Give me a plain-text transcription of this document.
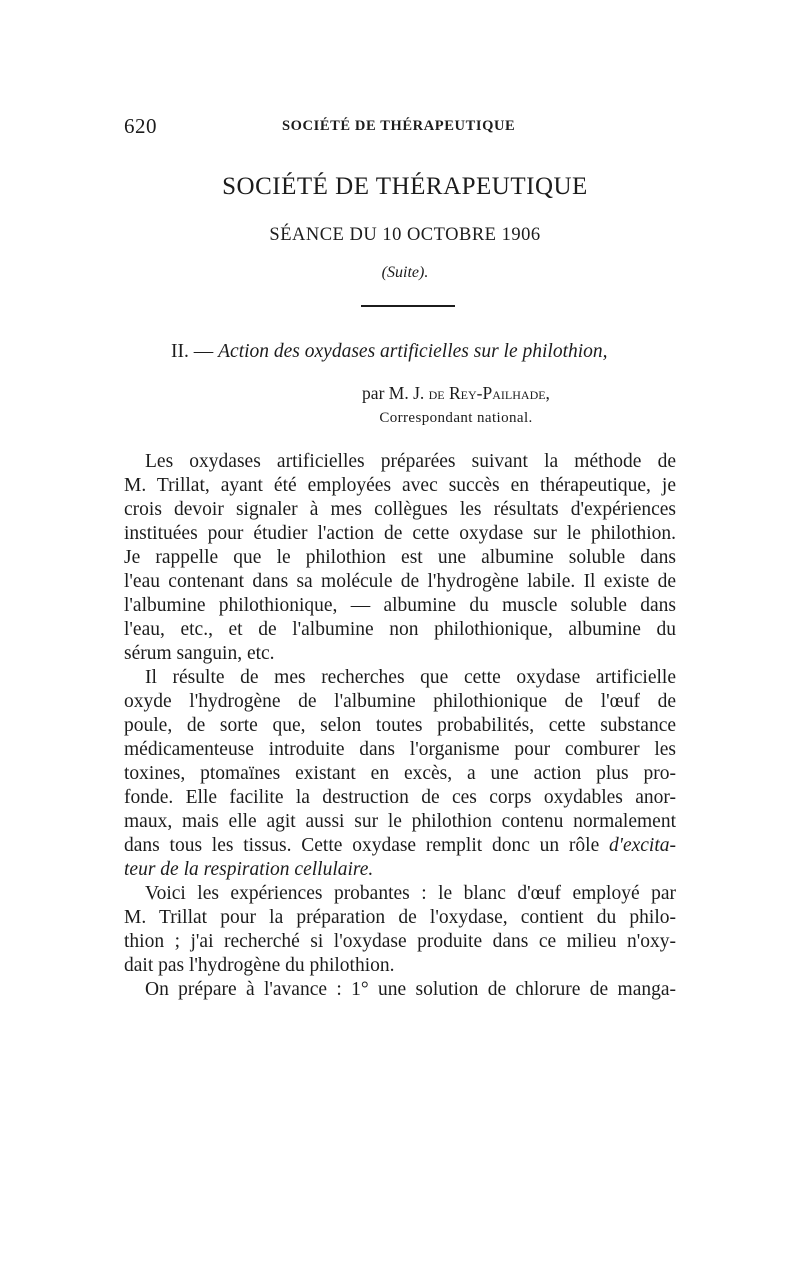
620	SOCIÉTÉ DE THÉRAPEUTIQUE
SOCIÉTÉ DE THÉRAPEUTIQUE
SÉANCE DU 10 OCTOBRE 1906
(Suite).
II. — Action des oxydases artificielles sur le philothion,
par M. J. de Rey-Pailhade,
Correspondant national.
Les oxydases artificielles préparées suivant la méthode de
M. Trillat, ayant été employées avec succès en thérapeutique, je
crois devoir signaler à mes collègues les résultats d'expériences
instituées pour étudier l'action de cette oxydase sur le philothion.
Je rappelle que le philothion est une albumine soluble dans
l'eau contenant dans sa molécule de l'hydrogène labile. Il existe de
l'albumine philothionique, — albumine du muscle soluble dans
l'eau, etc., et de l'albumine non philothionique, albumine du
sérum sanguin, etc.
Il résulte de mes recherches que cette oxydase artificielle
oxyde l'hydrogène de l'albumine philothionique de l'œuf de
poule, de sorte que, selon toutes probabilités, cette substance
médicamenteuse introduite dans l'organisme pour comburer les
toxines, ptomaïnes existant en excès, a une action plus pro-
fonde. Elle facilite la destruction de ces corps oxydables anor-
maux, mais elle agit aussi sur le philothion contenu normalement
dans tous les tissus. Cette oxydase remplit donc un rôle d'excita-
teur de la respiration cellulaire.
Voici les expériences probantes : le blanc d'œuf employé par
M. Trillat pour la préparation de l'oxydase, contient du philo-
thion ; j'ai recherché si l'oxydase produite dans ce milieu n'oxy-
dait pas l'hydrogène du philothion.
On prépare à l'avance : 1° une solution de chlorure de manga-
